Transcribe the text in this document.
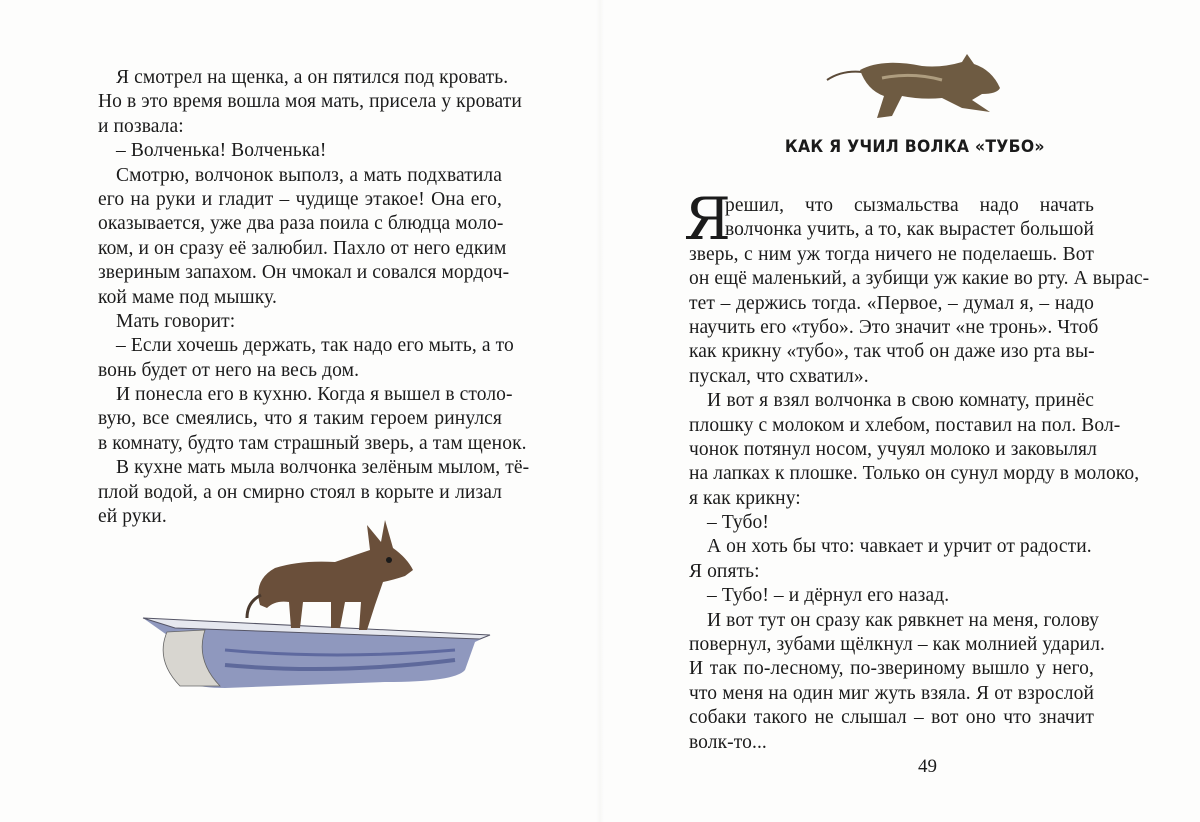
Я смотрел на щенка, а он пятился под кровать.
Но в это время вошла моя мать, присела у кровати
и позвала:
– Волченька! Волченька!
Смотрю, волчонок выполз, а мать подхватила
его на руки и гладит – чудище этакое! Она его,
оказывается, уже два раза поила с блюдца моло-
ком, и он сразу её залюбил. Пахло от него едким
звериным запахом. Он чмокал и совался мордоч-
кой маме под мышку.
Мать говорит:
– Если хочешь держать, так надо его мыть, а то
вонь будет от него на весь дом.
И понесла его в кухню. Когда я вышел в столо-
вую, все смеялись, что я таким героем ринулся
в комнату, будто там страшный зверь, а там щенок.
В кухне мать мыла волчонка зелёным мылом, тё-
плой водой, а он смирно стоял в корыте и лизал
ей руки.
КАК Я УЧИЛ ВОЛКА «ТУБО»
Я
решил, что сызмальства надо начать
волчонка учить, а то, как вырастет большой
зверь, с ним уж тогда ничего не поделаешь. Вот
он ещё маленький, а зубищи уж какие во рту. А вырас-
тет – держись тогда. «Первое, – думал я, – надо
научить его «тубо». Это значит «не тронь». Чтоб
как крикну «тубо», так чтоб он даже изо рта вы-
пускал, что схватил».
И вот я взял волчонка в свою комнату, принёс
плошку с молоком и хлебом, поставил на пол. Вол-
чонок потянул носом, учуял молоко и заковылял
на лапках к плошке. Только он сунул морду в молоко,
я как крикну:
– Тубо!
А он хоть бы что: чавкает и урчит от радости.
Я опять:
– Тубо! – и дёрнул его назад.
И вот тут он сразу как рявкнет на меня, голову
повернул, зубами щёлкнул – как молнией ударил.
И так по-лесному, по-звериному вышло у него,
что меня на один миг жуть взяла. Я от взрослой
собаки такого не слышал – вот оно что значит
волк-то...
49
